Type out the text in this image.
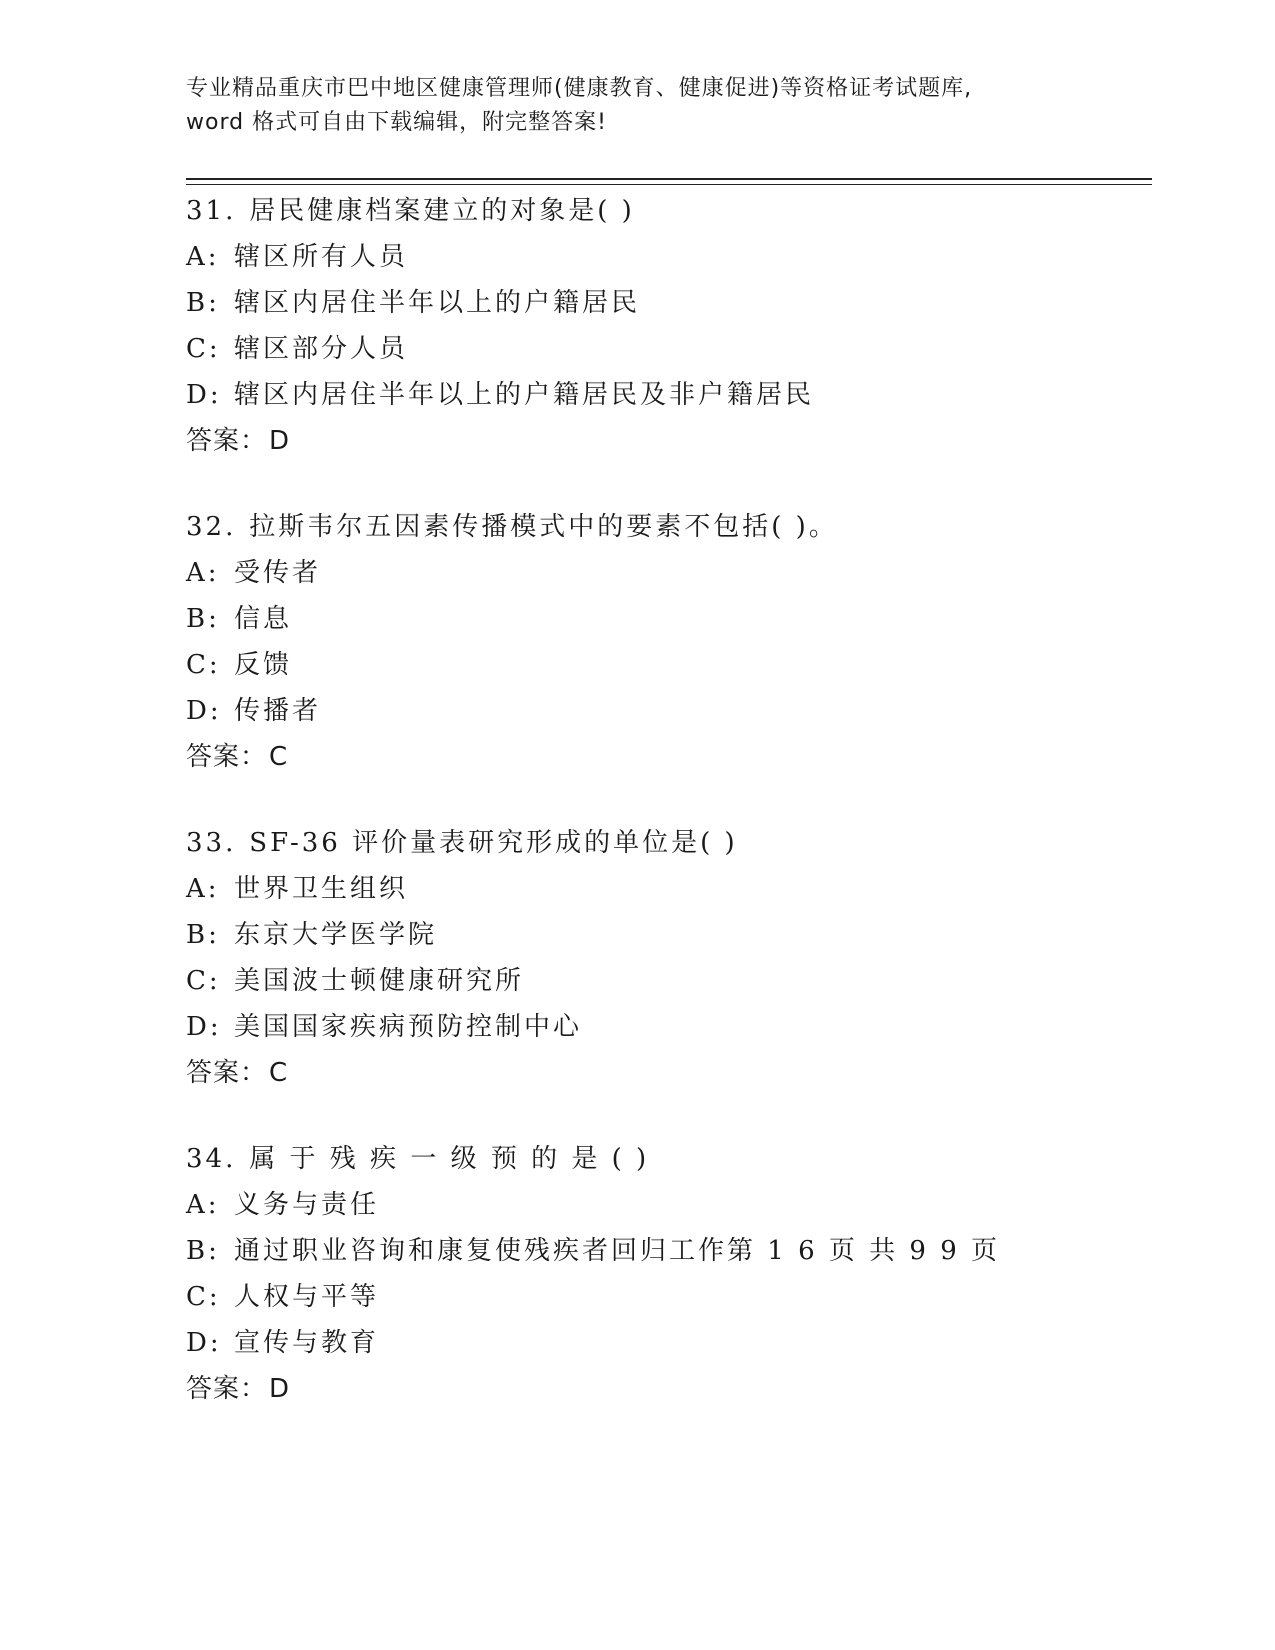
专业精品重庆市巴中地区健康管理师(健康教育、健康促进)等资格证考试题库,
word 格式可自由下载编辑，附完整答案!
31. 居民健康档案建立的对象是( )
A: 辖区所有人员
B: 辖区内居住半年以上的户籍居民
C: 辖区部分人员
D: 辖区内居住半年以上的户籍居民及非户籍居民
答案：D
32. 拉斯韦尔五因素传播模式中的要素不包括( )。
A: 受传者
B: 信息
C: 反馈
D: 传播者
答案：C
33. SF-36 评价量表研究形成的单位是( )
A: 世界卫生组织
B: 东京大学医学院
C: 美国波士顿健康研究所
D: 美国国家疾病预防控制中心
答案：C
34. 属 于 残 疾 一 级 预 的 是 ( )
A: 义务与责任
B: 通过职业咨询和康复使残疾者回归工作第 1 6 页 共 9 9 页
C: 人权与平等
D: 宣传与教育
答案：D
